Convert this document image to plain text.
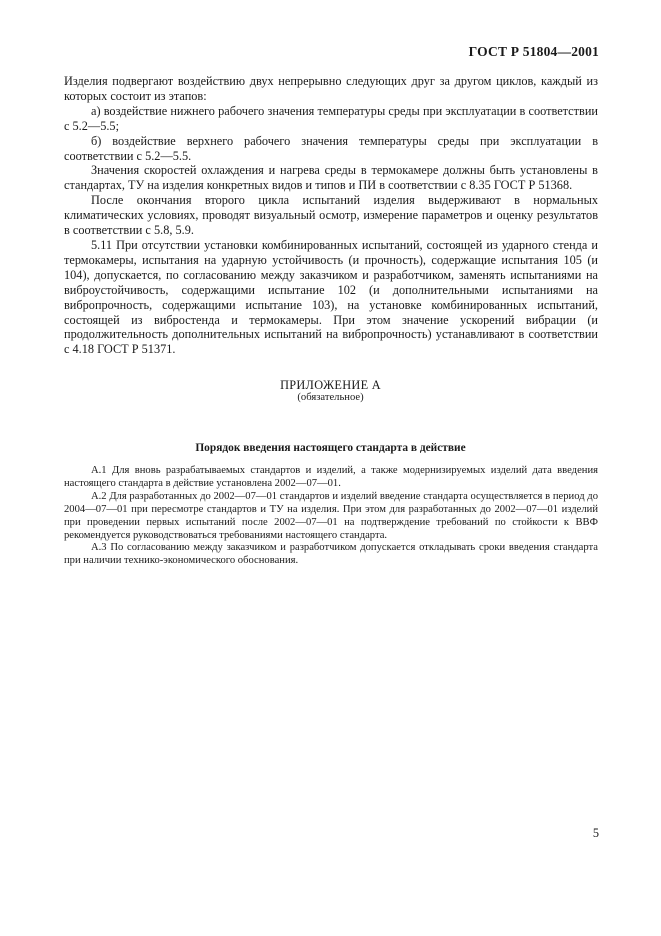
ГОСТ Р 51804—2001

Изделия подвергают воздействию двух непрерывно следующих друг за другом циклов, каждый из которых состоит из этапов:

а) воздействие нижнего рабочего значения температуры среды при эксплуатации в соответствии с 5.2—5.5;

б) воздействие верхнего рабочего значения температуры среды при эксплуатации в соответствии с 5.2—5.5.

Значения скоростей охлаждения и нагрева среды в термокамере должны быть установлены в стандартах, ТУ на изделия конкретных видов и типов и ПИ в соответствии с 8.35 ГОСТ Р 51368.

После окончания второго цикла испытаний изделия выдерживают в нормальных климатических условиях, проводят визуальный осмотр, измерение параметров и оценку результатов в соответствии с 5.8, 5.9.

5.11 При отсутствии установки комбинированных испытаний, состоящей из ударного стенда и термокамеры, испытания на ударную устойчивость (и прочность), содержащие испытания 105 (и 104), допускается, по согласованию между заказчиком и разработчиком, заменять испытаниями на виброустойчивость, содержащими испытание 102 (и дополнительными испытаниями на вибропрочность, содержащими испытание 103), на установке комбинированных испытаний, состоящей из вибростенда и термокамеры. При этом значение ускорений вибрации (и продолжительность дополнительных испытаний на вибропрочность) устанавливают в соответствии с 4.18 ГОСТ Р 51371.

ПРИЛОЖЕНИЕ А
(обязательное)
Порядок введения настоящего стандарта в действие

А.1 Для вновь разрабатываемых стандартов и изделий, а также модернизируемых изделий дата введения настоящего стандарта в действие установлена 2002—07—01.

А.2 Для разработанных до 2002—07—01 стандартов и изделий введение стандарта осуществляется в период до 2004—07—01 при пересмотре стандартов и ТУ на изделия. При этом для разработанных до 2002—07—01 изделий при проведении первых испытаний после 2002—07—01 на подтверждение требований по стойкости к ВВФ рекомендуется руководствоваться требованиями настоящего стандарта.

А.3 По согласованию между заказчиком и разработчиком допускается откладывать сроки введения стандарта при наличии технико-экономического обоснования.

5
